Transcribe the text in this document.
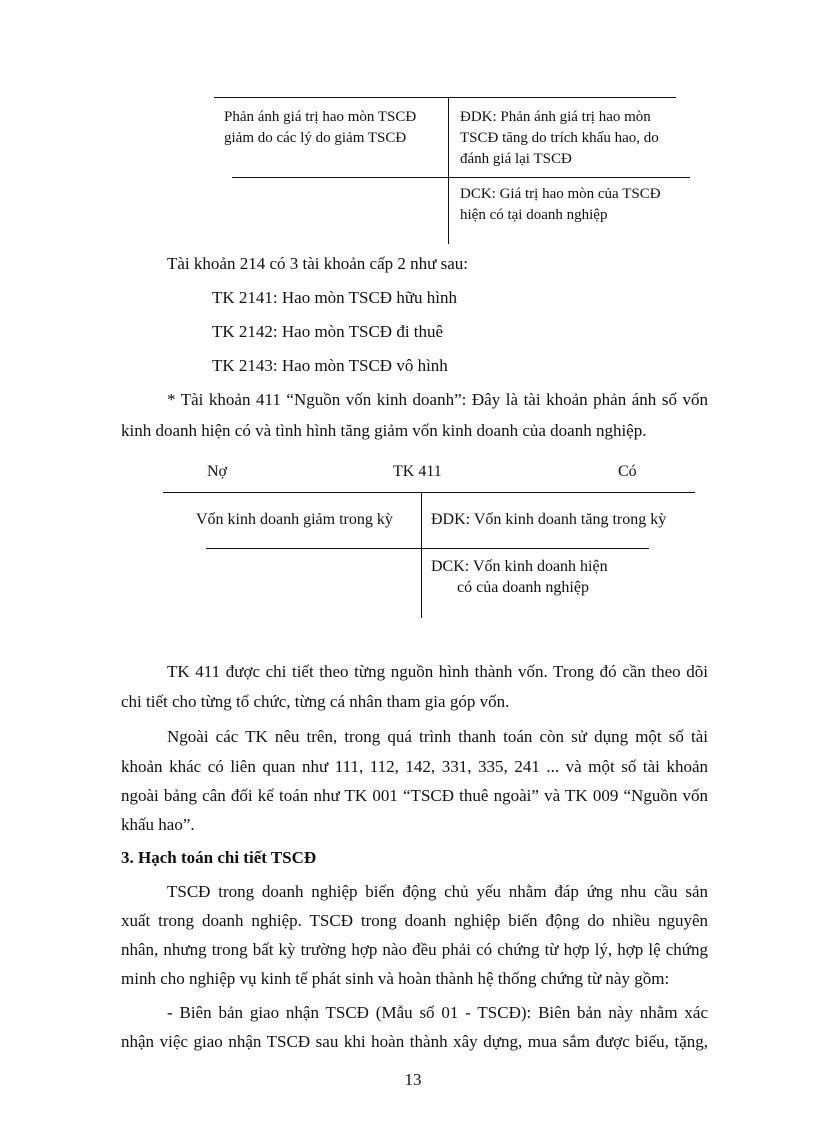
Phản ánh giá trị hao mòn TSCĐ giảm do các lý do giảm TSCĐ
ĐDK: Phản ánh giá trị hao mòn TSCĐ tăng do trích khấu hao, do đánh giá lại TSCĐ
DCK: Giá trị hao mòn của TSCĐ hiện có tại doanh nghiệp
Tài khoản 214 có 3 tài khoản cấp 2 như sau:
TK 2141: Hao mòn TSCĐ hữu hình
TK 2142: Hao mòn TSCĐ đi thuê
TK 2143: Hao mòn TSCĐ vô hình
* Tài khoản 411 “Nguồn vốn kinh doanh”: Đây là tài khoản phản ánh số vốn
kinh doanh hiện có và tình hình tăng giảm vốn kinh doanh của doanh nghiệp.
Nợ	TK 411	Có
Vốn kinh doanh giảm trong kỳ ĐDK: Vốn kinh doanh tăng trong kỳ
DCK: Vốn kinh doanh hiện
có của doanh nghiệp
TK 411 được chi tiết theo từng nguồn hình thành vốn. Trong đó cần theo dõi
chi tiết cho từng tổ chức, từng cá nhân tham gia góp vốn.
Ngoài các TK nêu trên, trong quá trình thanh toán còn sử dụng một số tài
khoản khác có liên quan như 111, 112, 142, 331, 335, 241 ... và một số tài khoản
ngoài bảng cân đối kế toán như TK 001 “TSCĐ thuê ngoài” và TK 009 “Nguồn vốn
khấu hao”.
3. Hạch toán chi tiết TSCĐ
TSCĐ trong doanh nghiệp biến động chủ yếu nhằm đáp ứng nhu cầu sản
xuất trong doanh nghiệp. TSCĐ trong doanh nghiệp biến động do nhiều nguyên
nhân, nhưng trong bất kỳ trường hợp nào đều phải có chứng từ hợp lý, hợp lệ chứng
minh cho nghiệp vụ kinh tế phát sinh và hoàn thành hệ thống chứng từ này gồm:
- Biên bản giao nhận TSCĐ (Mẫu số 01 - TSCĐ): Biên bản này nhằm xác
nhận việc giao nhận TSCĐ sau khi hoàn thành xây dựng, mua sắm được biếu, tặng,
13
